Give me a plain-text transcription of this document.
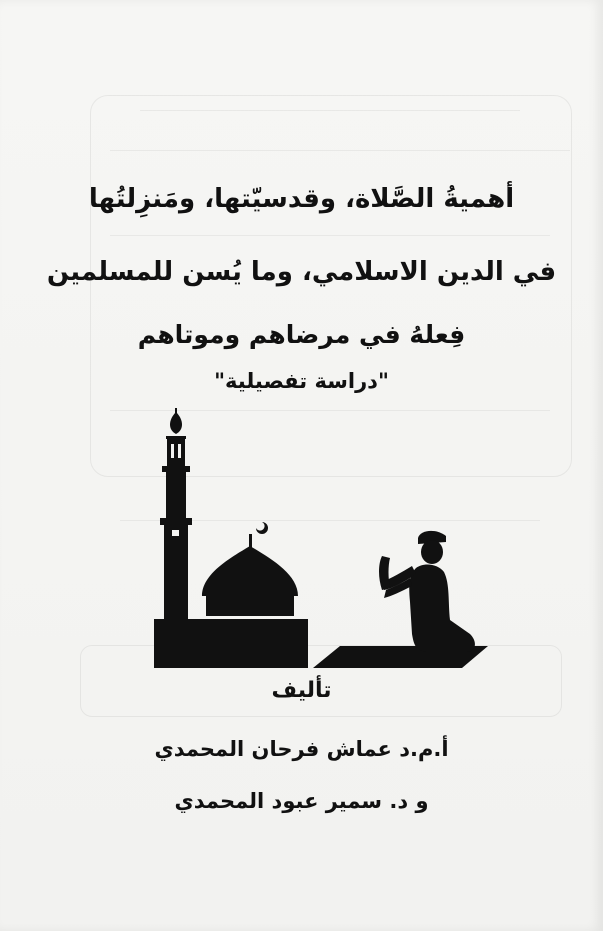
أهميةُ الصَّلاة، وقدسيّتها، ومَنزِلتُها
في الدين الاسلامي، وما يُسن للمسلمين
فِعلهُ في مرضاهم وموتاهم
"دراسة تفصيلية"
تأليف
أ.م.د عماش فرحان المحمدي
و د. سمير عبود المحمدي
